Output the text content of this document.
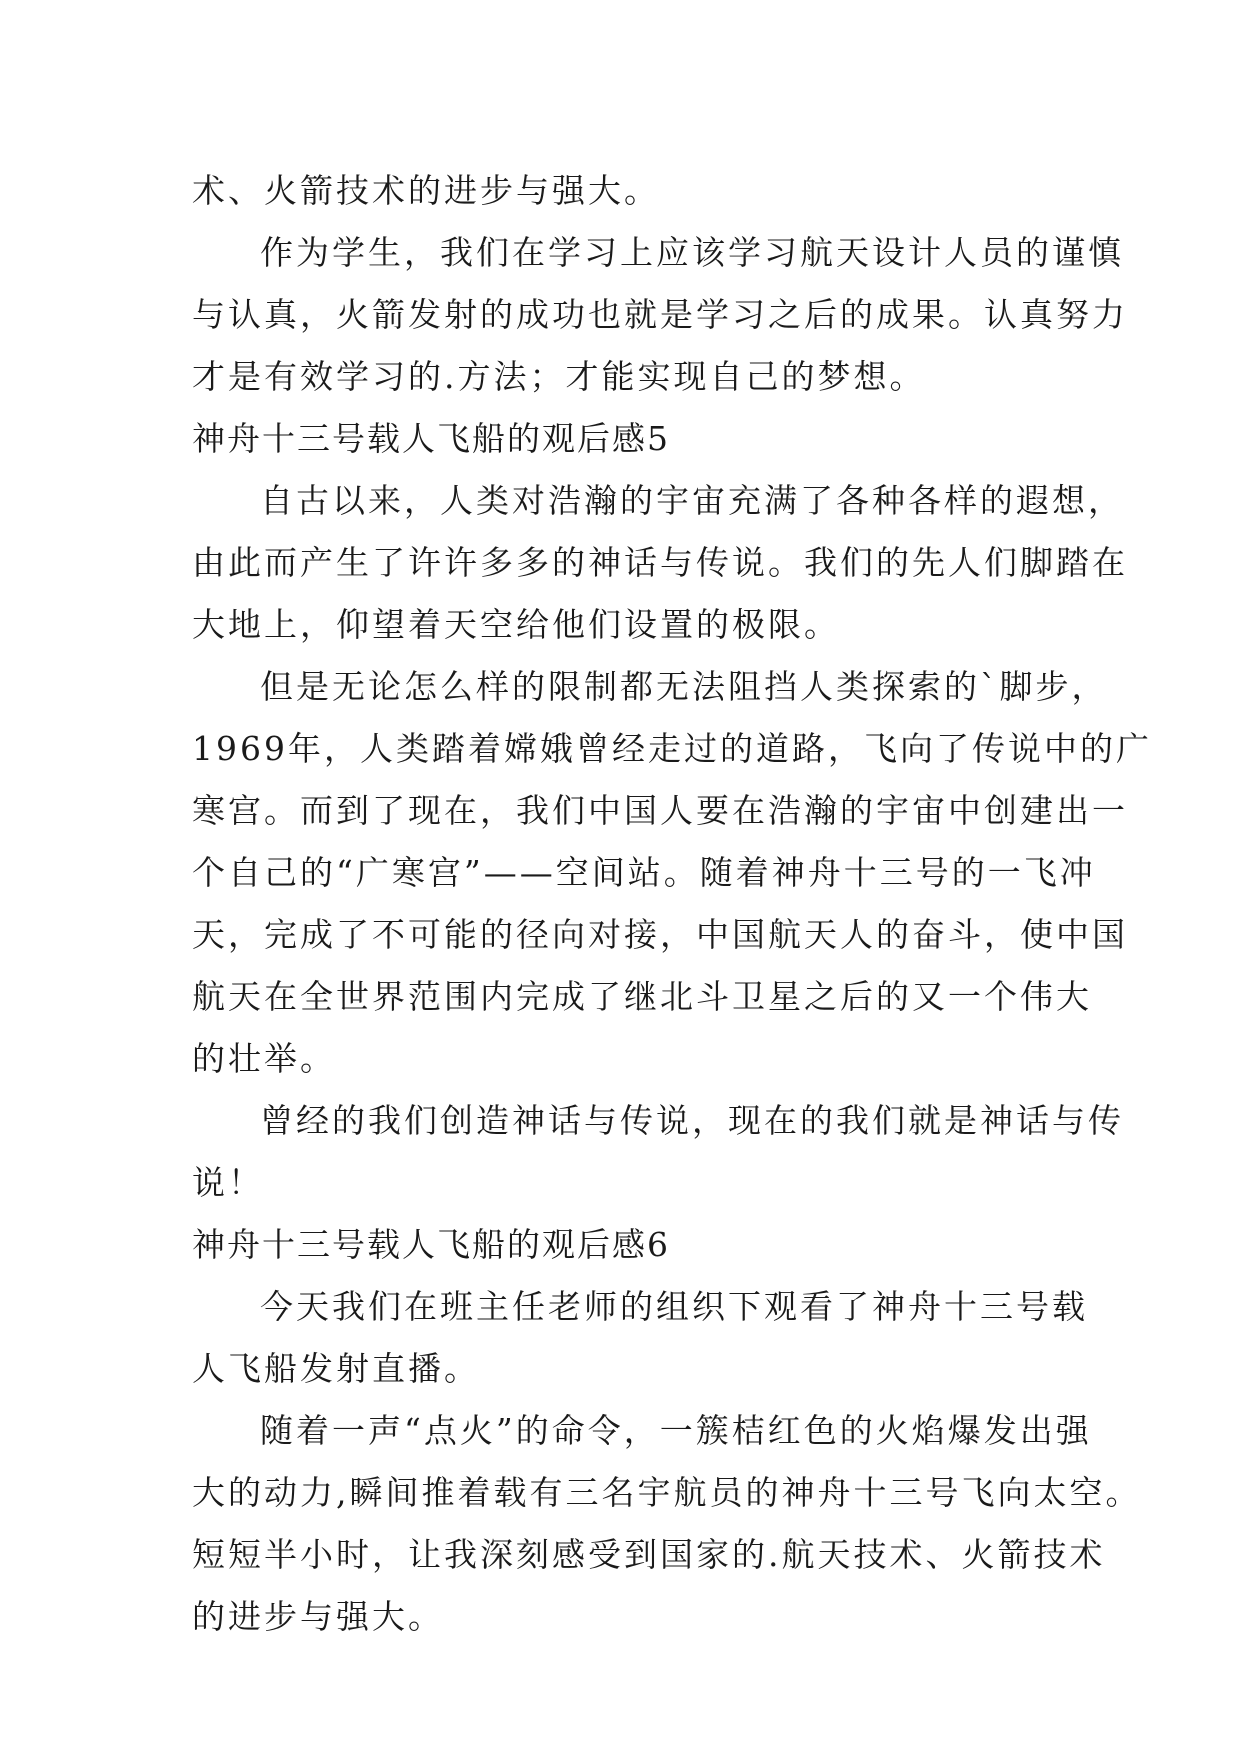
术、火箭技术的进步与强大。
作为学生，我们在学习上应该学习航天设计人员的谨慎
与认真，火箭发射的成功也就是学习之后的成果。认真努力
才是有效学习的.方法；才能实现自己的梦想。
神舟十三号载人飞船的观后感5
自古以来，人类对浩瀚的宇宙充满了各种各样的遐想，
由此而产生了许许多多的神话与传说。我们的先人们脚踏在
大地上，仰望着天空给他们设置的极限。
但是无论怎么样的限制都无法阻挡人类探索的`脚步，
1969年，人类踏着嫦娥曾经走过的道路，飞向了传说中的广
寒宫。而到了现在，我们中国人要在浩瀚的宇宙中创建出一
个自己的“广寒宫”——空间站。随着神舟十三号的一飞冲
天，完成了不可能的径向对接，中国航天人的奋斗，使中国
航天在全世界范围内完成了继北斗卫星之后的又一个伟大
的壮举。
曾经的我们创造神话与传说，现在的我们就是神话与传
说！
神舟十三号载人飞船的观后感6
今天我们在班主任老师的组织下观看了神舟十三号载
人飞船发射直播。
随着一声“点火”的命令，一簇桔红色的火焰爆发出强
大的动力,瞬间推着载有三名宇航员的神舟十三号飞向太空。
短短半小时，让我深刻感受到国家的.航天技术、火箭技术
的进步与强大。
